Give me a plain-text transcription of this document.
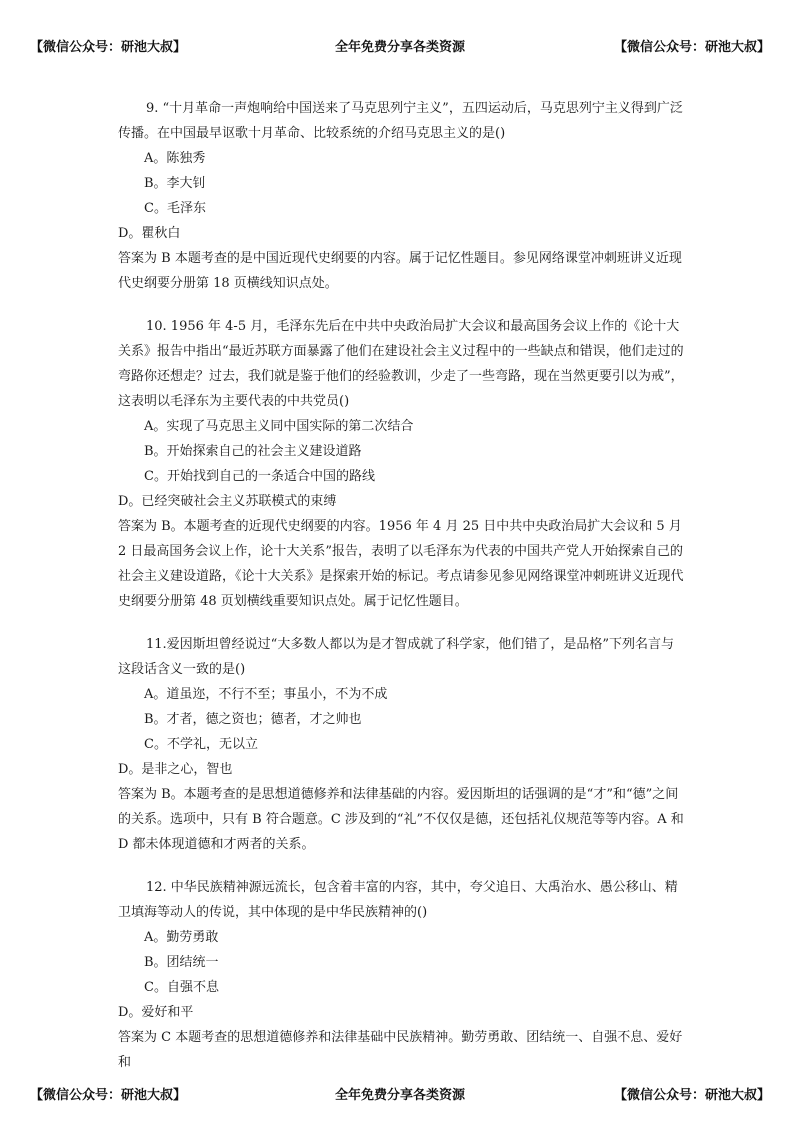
【微信公众号：研池大叔】	全年免费分享各类资源	【微信公众号：研池大叔】

9. “十月革命一声炮响给中国送来了马克思列宁主义”，五四运动后，马克思列宁主义得到广泛传播。在中国最早讴歌十月革命、比较系统的介绍马克思主义的是()

A。陈独秀

B。李大钊

C。毛泽东

D。瞿秋白

答案为 B 本题考查的是中国近现代史纲要的内容。属于记忆性题目。参见网络课堂冲刺班讲义近现代史纲要分册第 18 页横线知识点处。

10. 1956 年 4-5 月，毛泽东先后在中共中央政治局扩大会议和最高国务会议上作的《论十大关系》报告中指出“最近苏联方面暴露了他们在建设社会主义过程中的一些缺点和错误，他们走过的弯路你还想走？过去，我们就是鉴于他们的经验教训，少走了一些弯路，现在当然更要引以为戒”，这表明以毛泽东为主要代表的中共党员()

A。实现了马克思主义同中国实际的第二次结合

B。开始探索自己的社会主义建设道路

C。开始找到自己的一条适合中国的路线

D。已经突破社会主义苏联模式的束缚

答案为 B。本题考查的近现代史纲要的内容。1956 年 4 月 25 日中共中央政治局扩大会议和 5 月 2 日最高国务会议上作，论十大关系”报告，表明了以毛泽东为代表的中国共产党人开始探索自己的社会主义建设道路，《论十大关系》是探索开始的标记。考点请参见参见网络课堂冲刺班讲义近现代史纲要分册第 48 页划横线重要知识点处。属于记忆性题目。

11.爱因斯坦曾经说过“大多数人都以为是才智成就了科学家，他们错了，是品格”下列名言与这段话含义一致的是()

A。道虽迩，不行不至；事虽小，不为不成

B。才者，德之资也；德者，才之帅也

C。不学礼，无以立

D。是非之心，智也

答案为 B。本题考查的是思想道德修养和法律基础的内容。爱因斯坦的话强调的是“才”和“德”之间的关系。选项中，只有 B 符合题意。C 涉及到的“礼”不仅仅是德，还包括礼仪规范等等内容。A 和 D 都未体现道德和才两者的关系。

12. 中华民族精神源远流长，包含着丰富的内容，其中，夸父追日、大禹治水、愚公移山、精卫填海等动人的传说，其中体现的是中华民族精神的()

A。勤劳勇敢

B。团结统一

C。自强不息

D。爱好和平

答案为 C 本题考查的思想道德修养和法律基础中民族精神。勤劳勇敢、团结统一、自强不息、爱好和

【微信公众号：研池大叔】	全年免费分享各类资源	【微信公众号：研池大叔】
